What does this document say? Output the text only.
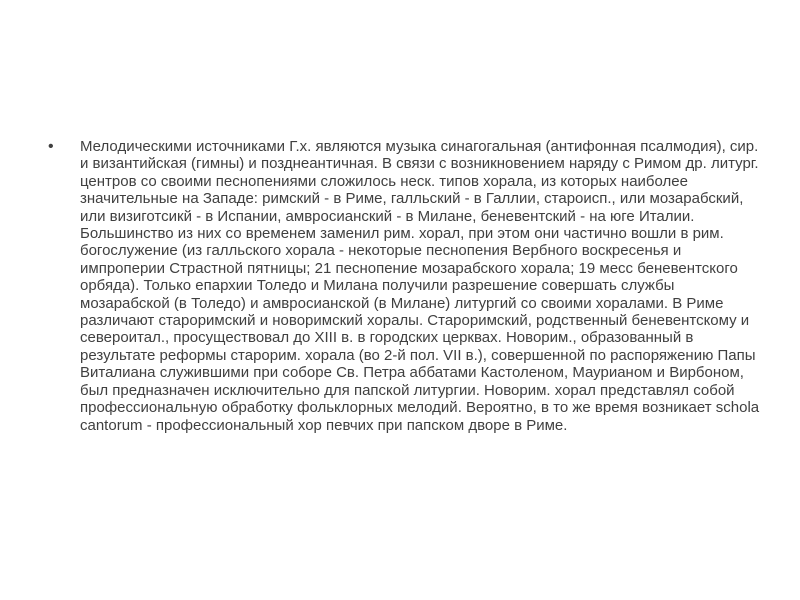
• Мелодическими источниками Г.х. являются музыка синагогальная (антифонная псалмодия), сир. и византийская (гимны) и позднеантичная. В связи с возникновением наряду с Римом др. литург. центров со своими песнопениями сложилось неск. типов хорала, из которых наиболее значительные на Западе: римский - в Риме, галльский - в Галлии, староисп., или мозарабский, или визиготсикй - в Испании, амвросианский - в Милане, беневентский - на юге Италии. Большинство из них со временем заменил рим. хорал, при этом они частично вошли в рим. богослужение (из галльского хорала - некоторые песнопения Вербного воскресенья и импроперии Страстной пятницы; 21 песнопение мозарабского хорала; 19 месс беневентского орбяда). Только епархии Толедо и Милана получили разрешение совершать службы мозарабской (в Толедо) и амвросианской (в Милане) литургий со своими хоралами. В Риме различают староримский и новоримский хоралы. Староримский, родственный беневентскому и североитал., просуществовал до XIII в. в городских церквах. Новорим., образованный в результате реформы старорим. хорала (во 2-й пол. VII в.), совершенной по распоряжению Папы Виталиана служившими при соборе Св. Петра аббатами Кастоленом, Маурианом и Вирбоном, был предназначен исключительно для папской литургии. Новорим. хорал представлял собой профессиональную обработку фольклорных мелодий. Вероятно, в то же время возникает schola cantorum - профессиональный хор певчих при папском дворе в Риме.
